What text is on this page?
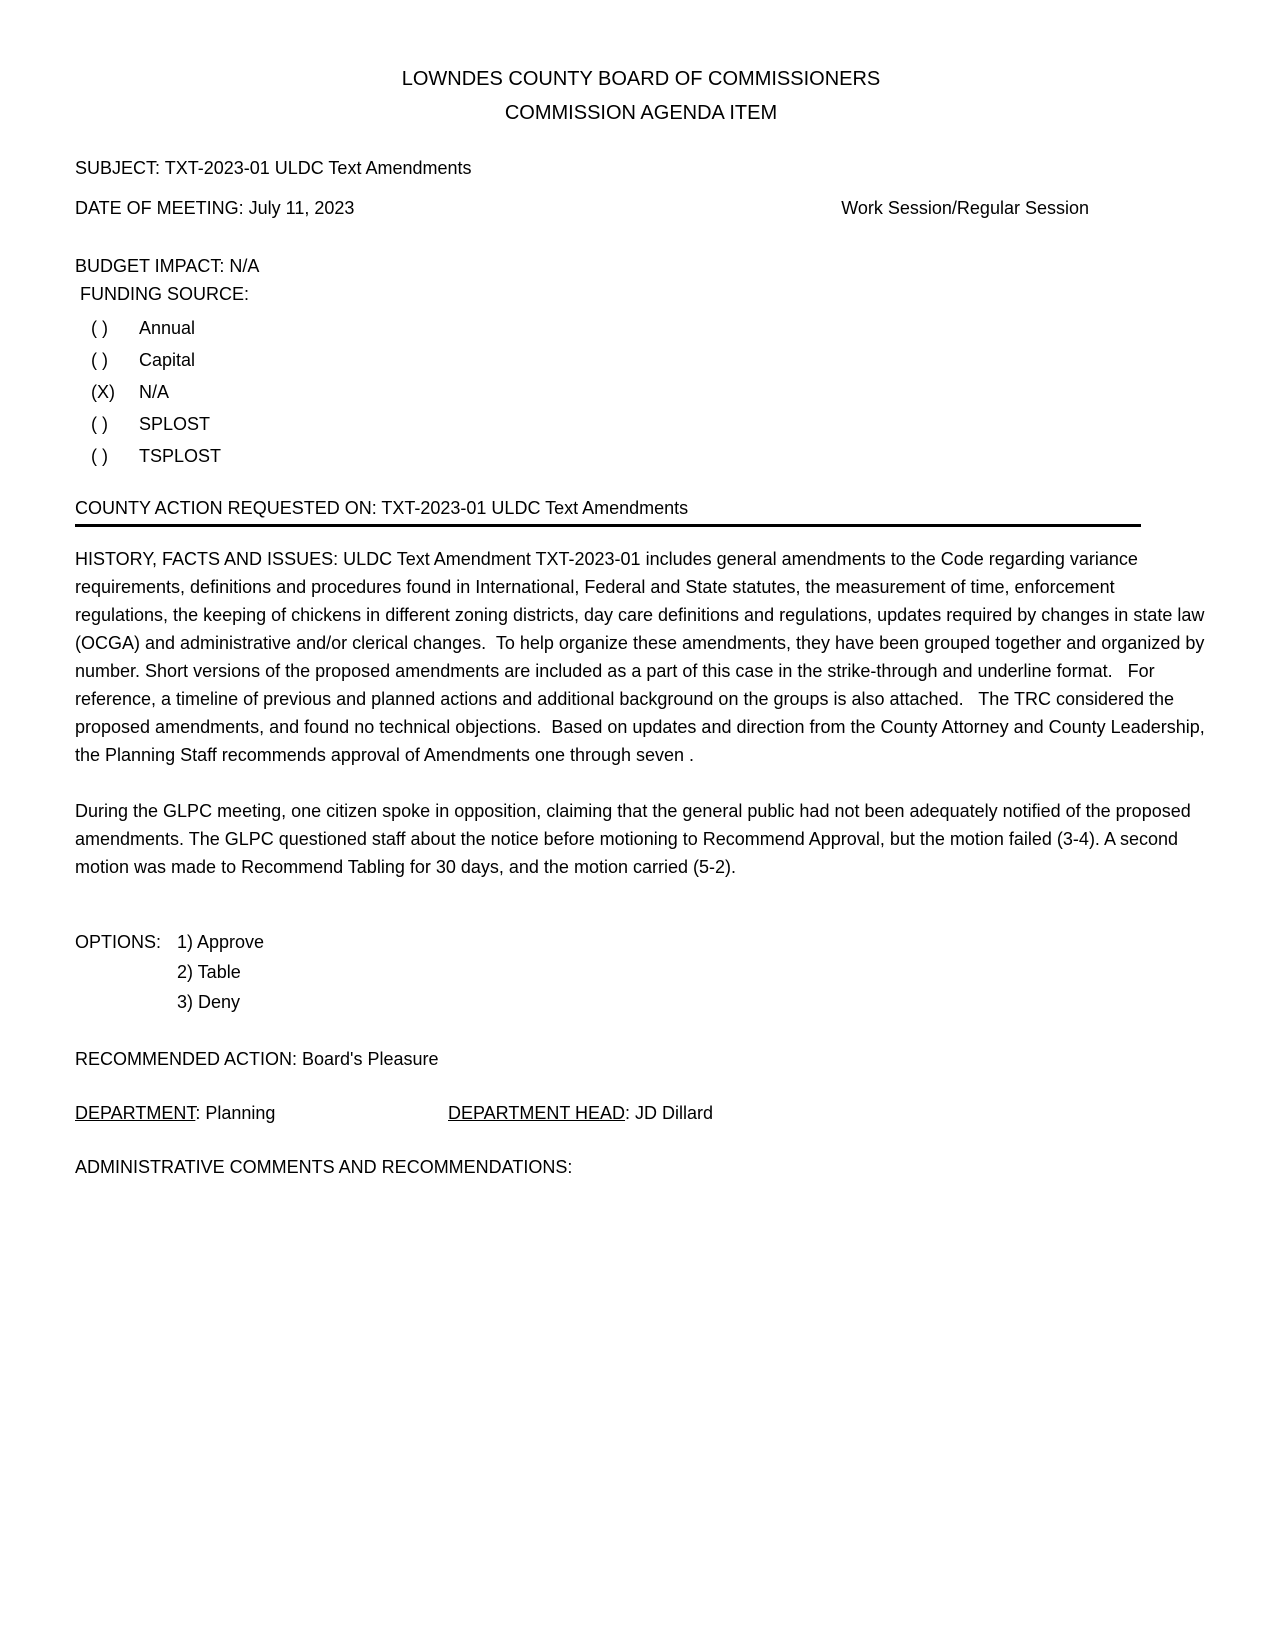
LOWNDES COUNTY BOARD OF COMMISSIONERS
COMMISSION AGENDA ITEM
SUBJECT: TXT-2023-01 ULDC Text Amendments
DATE OF MEETING: July 11, 2023	Work Session/Regular Session
BUDGET IMPACT: N/A
FUNDING SOURCE:
( )	Annual
( )	Capital
(X)	N/A
( )	SPLOST
( )	TSPLOST
COUNTY ACTION REQUESTED ON: TXT-2023-01 ULDC Text Amendments

HISTORY, FACTS AND ISSUES: ULDC Text Amendment TXT-2023-01 includes general amendments to the Code regarding variance requirements, definitions and procedures found in International, Federal and State statutes, the measurement of time, enforcement regulations, the keeping of chickens in different zoning districts, day care definitions and regulations, updates required by changes in state law (OCGA) and administrative and/or clerical changes.  To help organize these amendments, they have been grouped together and organized by number. Short versions of the proposed amendments are included as a part of this case in the strike-through and underline format.   For reference, a timeline of previous and planned actions and additional background on the groups is also attached.   The TRC considered the proposed amendments, and found no technical objections.  Based on updates and direction from the County Attorney and County Leadership, the Planning Staff recommends approval of Amendments one through seven .

During the GLPC meeting, one citizen spoke in opposition, claiming that the general public had not been adequately notified of the proposed amendments. The GLPC questioned staff about the notice before motioning to Recommend Approval, but the motion failed (3-4). A second motion was made to Recommend Tabling for 30 days, and the motion carried (5-2).

OPTIONS: 1) Approve
2) Table
3) Deny
RECOMMENDED ACTION: Board's Pleasure
DEPARTMENT: Planning	DEPARTMENT HEAD: JD Dillard
ADMINISTRATIVE COMMENTS AND RECOMMENDATIONS:
